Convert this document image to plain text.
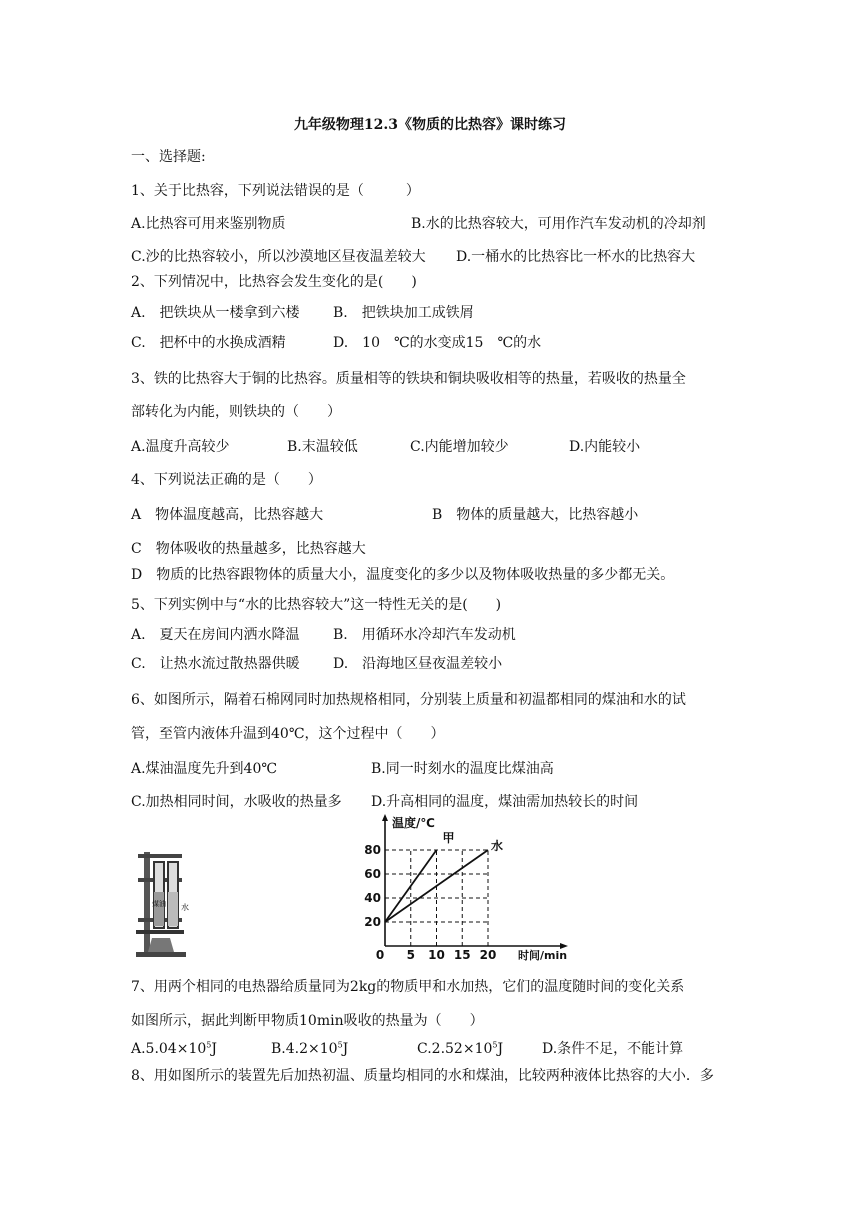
九年级物理12.3《物质的比热容》课时练习
一、选择题:
1、关于比热容，下列说法错误的是（　　　）
A.比热容可用来鉴别物质	B.水的比热容较大，可用作汽车发动机的冷却剂
C.沙的比热容较小，所以沙漠地区昼夜温差较大 D.一桶水的比热容比一杯水的比热容大
2、下列情况中，比热容会发生变化的是(　　)
A.　把铁块从一楼拿到六楼 B.　把铁块加工成铁屑
C.　把杯中的水换成酒精	D.　10　℃的水变成15　℃的水
3、铁的比热容大于铜的比热容。质量相等的铁块和铜块吸收相等的热量，若吸收的热量全
部转化为内能，则铁块的（　　）
A.温度升高较少	B.末温较低	C.内能增加较少	D.内能较小
4、下列说法正确的是（　　）
A　物体温度越高，比热容越大	B　物体的质量越大，比热容越小
C　物体吸收的热量越多，比热容越大
D　物质的比热容跟物体的质量大小，温度变化的多少以及物体吸收热量的多少都无关。
5、下列实例中与“水的比热容较大”这一特性无关的是(　　)
A.　夏天在房间内洒水降温 B.　用循环水冷却汽车发动机
C.　让热水流过散热器供暖 D.　沿海地区昼夜温差较小
6、如图所示，隔着石棉网同时加热规格相同，分别装上质量和初温都相同的煤油和水的试
管，至管内液体升温到40℃，这个过程中（　　）
A.煤油温度先升到40℃	B.同一时刻水的温度比煤油高
C.加热相同时间，水吸收的热量多 D.升高相同的温度，煤油需加热较长的时间
煤油 水
20
40
60
80
5 10 15 20
0
温度/℃
时间/min
甲
水
7、用两个相同的电热器给质量同为2kg的物质甲和水加热，它们的温度随时间的变化关系
如图所示，据此判断甲物质10min吸收的热量为（　　）
$A.5.04\times 10^5J$	$B.4.2\times 10^5J$	$C.2.52\times 10^5J$	D.条件不足，不能计算
8、用如图所示的装置先后加热初温、质量均相同的水和煤油，比较两种液体比热容的大小．多
